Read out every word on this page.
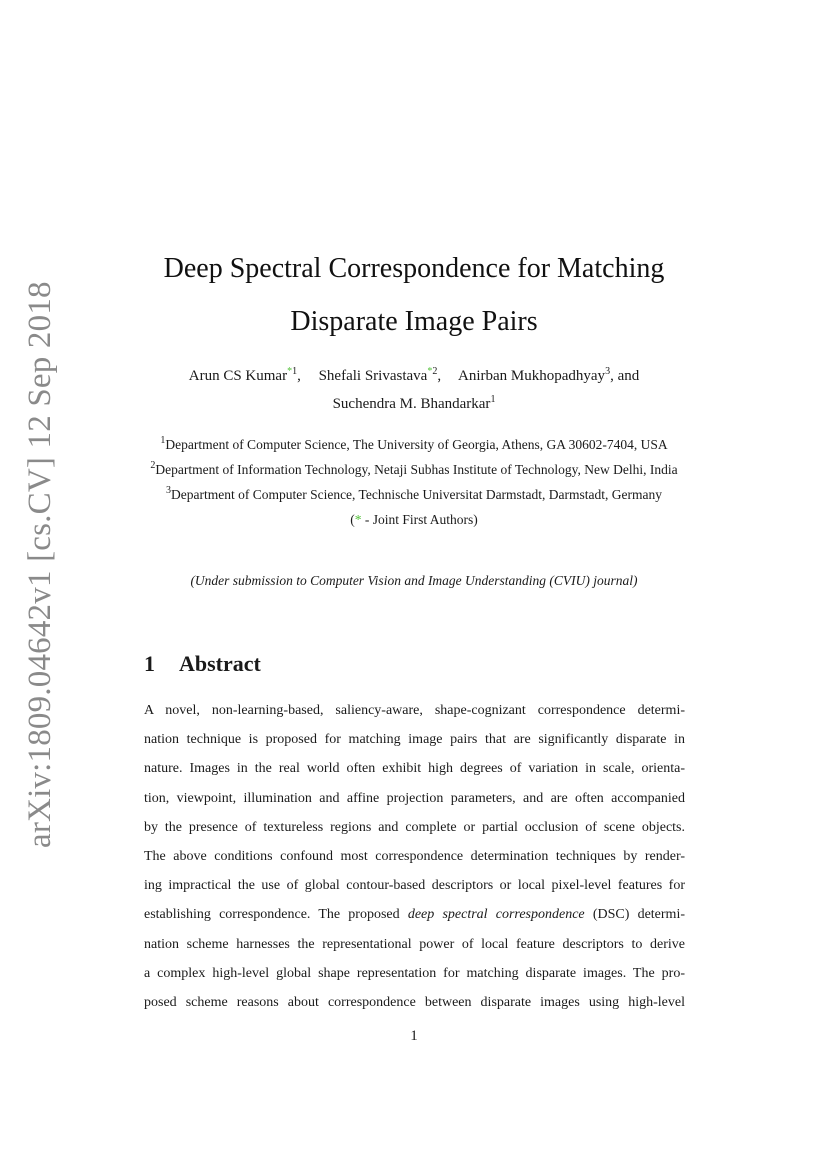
arXiv:1809.04642v1 [cs.CV] 12 Sep 2018
Deep Spectral Correspondence for Matching
Disparate Image Pairs
Arun CS Kumar$^{*1}$, Shefali Srivastava$^{*2}$, Anirban Mukhopadhyay$^3$, and
Suchendra M. Bhandarkar$^1$
$^1$Department of Computer Science, The University of Georgia, Athens, GA 30602-7404, USA
$^2$Department of Information Technology, Netaji Subhas Institute of Technology, New Delhi, India
$^3$Department of Computer Science, Technische Universitat Darmstadt, Darmstadt, Germany
(* - Joint First Authors)
(Under submission to Computer Vision and Image Understanding (CVIU) journal)
1 Abstract
A novel, non-learning-based, saliency-aware, shape-cognizant correspondence determi-
nation technique is proposed for matching image pairs that are significantly disparate in
nature. Images in the real world often exhibit high degrees of variation in scale, orienta-
tion, viewpoint, illumination and affine projection parameters, and are often accompanied
by the presence of textureless regions and complete or partial occlusion of scene objects.
The above conditions confound most correspondence determination techniques by render-
ing impractical the use of global contour-based descriptors or local pixel-level features for
establishing correspondence. The proposed deep spectral correspondence (DSC) determi-
nation scheme harnesses the representational power of local feature descriptors to derive
a complex high-level global shape representation for matching disparate images. The pro-
posed scheme reasons about correspondence between disparate images using high-level
1
